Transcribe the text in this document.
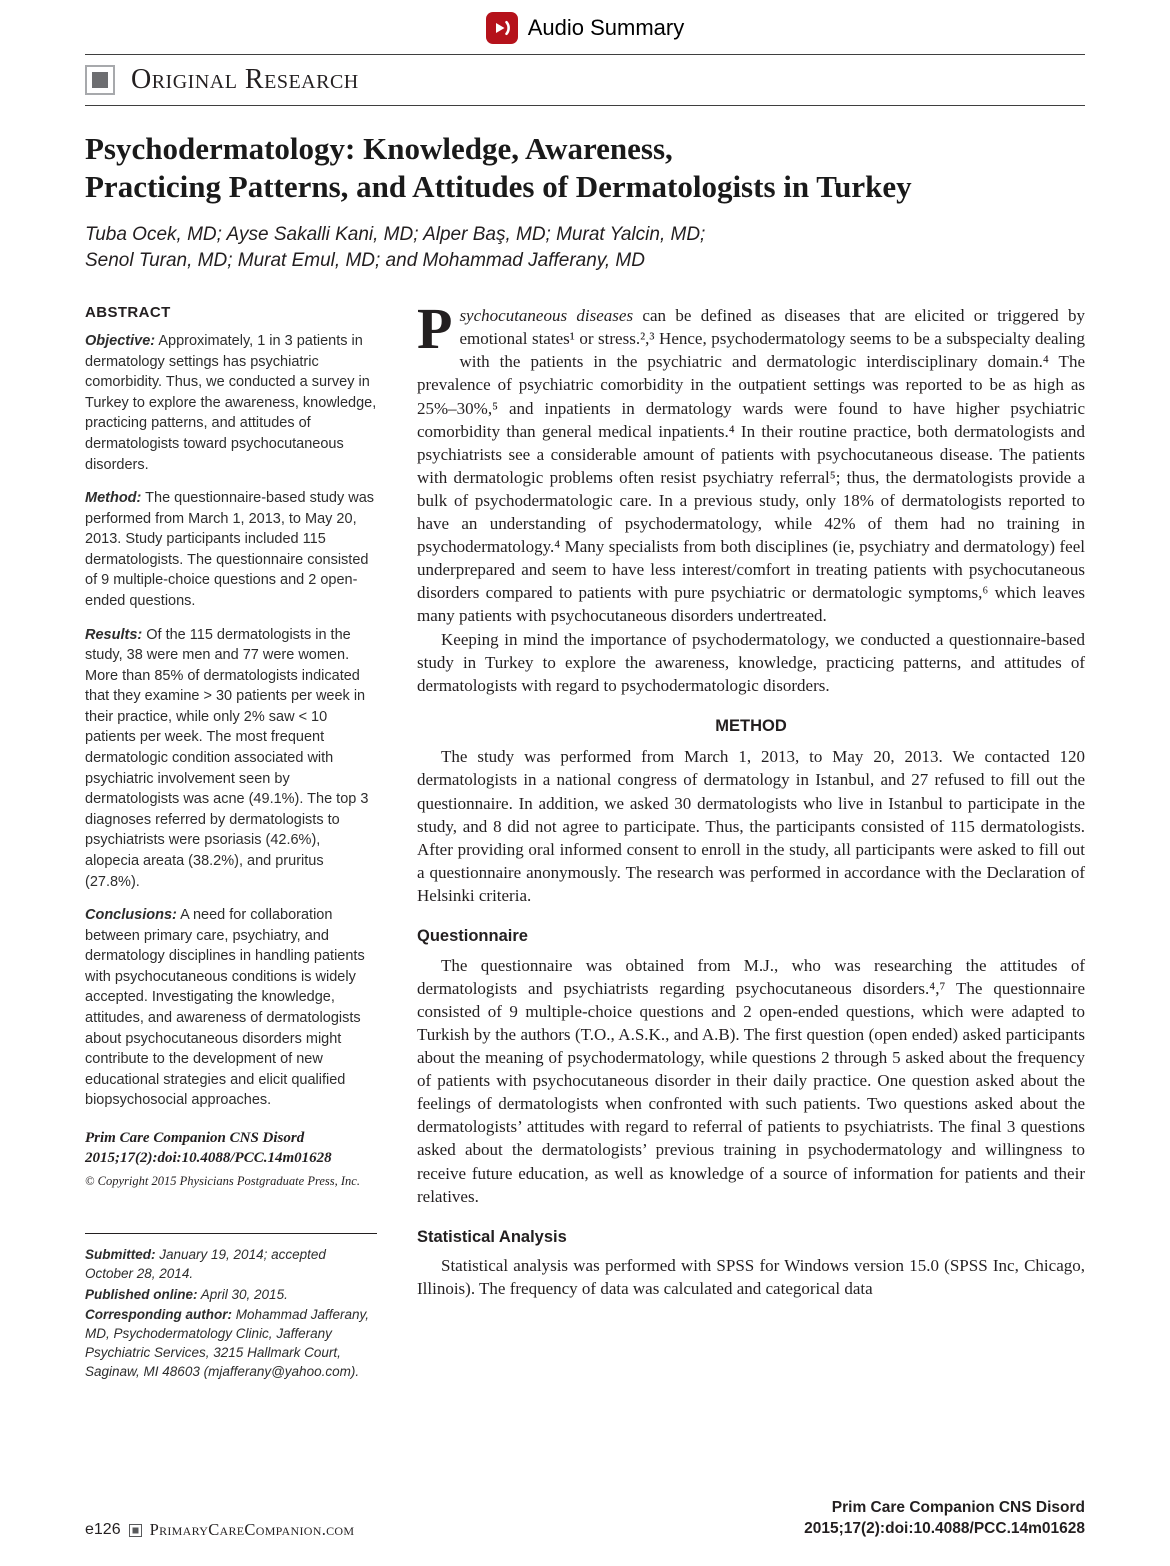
Audio Summary
Original Research
Psychodermatology: Knowledge, Awareness,
Practicing Patterns, and Attitudes of Dermatologists in Turkey
Tuba Ocek, MD; Ayse Sakalli Kani, MD; Alper Baş, MD; Murat Yalcin, MD;
Senol Turan, MD; Murat Emul, MD; and Mohammad Jafferany, MD
ABSTRACT

Objective: Approximately, 1 in 3 patients in dermatology settings has psychiatric comorbidity. Thus, we conducted a survey in Turkey to explore the awareness, knowledge, practicing patterns, and attitudes of dermatologists toward psychocutaneous disorders.

Method: The questionnaire-based study was performed from March 1, 2013, to May 20, 2013. Study participants included 115 dermatologists. The questionnaire consisted of 9 multiple-choice questions and 2 open-ended questions.

Results: Of the 115 dermatologists in the study, 38 were men and 77 were women. More than 85% of dermatologists indicated that they examine > 30 patients per week in their practice, while only 2% saw < 10 patients per week. The most frequent dermatologic condition associated with psychiatric involvement seen by dermatologists was acne (49.1%). The top 3 diagnoses referred by dermatologists to psychiatrists were psoriasis (42.6%), alopecia areata (38.2%), and pruritus (27.8%).

Conclusions: A need for collaboration between primary care, psychiatry, and dermatology disciplines in handling patients with psychocutaneous conditions is widely accepted. Investigating the knowledge, attitudes, and awareness of dermatologists about psychocutaneous disorders might contribute to the development of new educational strategies and elicit qualified biopsychosocial approaches.

Prim Care Companion CNS Disord
2015;17(2):doi:10.4088/PCC.14m01628
© Copyright 2015 Physicians Postgraduate Press, Inc.

Submitted: January 19, 2014; accepted October 28, 2014.

Published online: April 30, 2015.

Corresponding author: Mohammad Jafferany, MD, Psychodermatology Clinic, Jafferany Psychiatric Services, 3215 Hallmark Court, Saginaw, MI 48603 (mjafferany@yahoo.com).

Psychocutaneous diseases can be defined as diseases that are elicited or triggered by emotional states¹ or stress.²,³ Hence, psychodermatology seems to be a subspecialty dealing with the patients in the psychiatric and dermatologic interdisciplinary domain.⁴ The prevalence of psychiatric comorbidity in the outpatient settings was reported to be as high as 25%–30%,⁵ and inpatients in dermatology wards were found to have higher psychiatric comorbidity than general medical inpatients.⁴ In their routine practice, both dermatologists and psychiatrists see a considerable amount of patients with psychocutaneous disease. The patients with dermatologic problems often resist psychiatry referral⁵; thus, the dermatologists provide a bulk of psychodermatologic care. In a previous study, only 18% of dermatologists reported to have an understanding of psychodermatology, while 42% of them had no training in psychodermatology.⁴ Many specialists from both disciplines (ie, psychiatry and dermatology) feel underprepared and seem to have less interest/comfort in treating patients with psychocutaneous disorders compared to patients with pure psychiatric or dermatologic symptoms,⁶ which leaves many patients with psychocutaneous disorders undertreated.

Keeping in mind the importance of psychodermatology, we conducted a questionnaire-based study in Turkey to explore the awareness, knowledge, practicing patterns, and attitudes of dermatologists with regard to psychodermatologic disorders.

METHOD

The study was performed from March 1, 2013, to May 20, 2013. We contacted 120 dermatologists in a national congress of dermatology in Istanbul, and 27 refused to fill out the questionnaire. In addition, we asked 30 dermatologists who live in Istanbul to participate in the study, and 8 did not agree to participate. Thus, the participants consisted of 115 dermatologists. After providing oral informed consent to enroll in the study, all participants were asked to fill out a questionnaire anonymously. The research was performed in accordance with the Declaration of Helsinki criteria.

Questionnaire

The questionnaire was obtained from M.J., who was researching the attitudes of dermatologists and psychiatrists regarding psychocutaneous disorders.⁴,⁷ The questionnaire consisted of 9 multiple-choice questions and 2 open-ended questions, which were adapted to Turkish by the authors (T.O., A.S.K., and A.B). The first question (open ended) asked participants about the meaning of psychodermatology, while questions 2 through 5 asked about the frequency of patients with psychocutaneous disorder in their daily practice. One question asked about the feelings of dermatologists when confronted with such patients. Two questions asked about the dermatologists’ attitudes with regard to referral of patients to psychiatrists. The final 3 questions asked about the dermatologists’ previous training in psychodermatology and willingness to receive future education, as well as knowledge of a source of information for patients and their relatives.

Statistical Analysis

Statistical analysis was performed with SPSS for Windows version 15.0 (SPSS Inc, Chicago, Illinois). The frequency of data was calculated and categorical data

e126 PrimaryCareCompanion.com
Prim Care Companion CNS Disord
2015;17(2):doi:10.4088/PCC.14m01628
